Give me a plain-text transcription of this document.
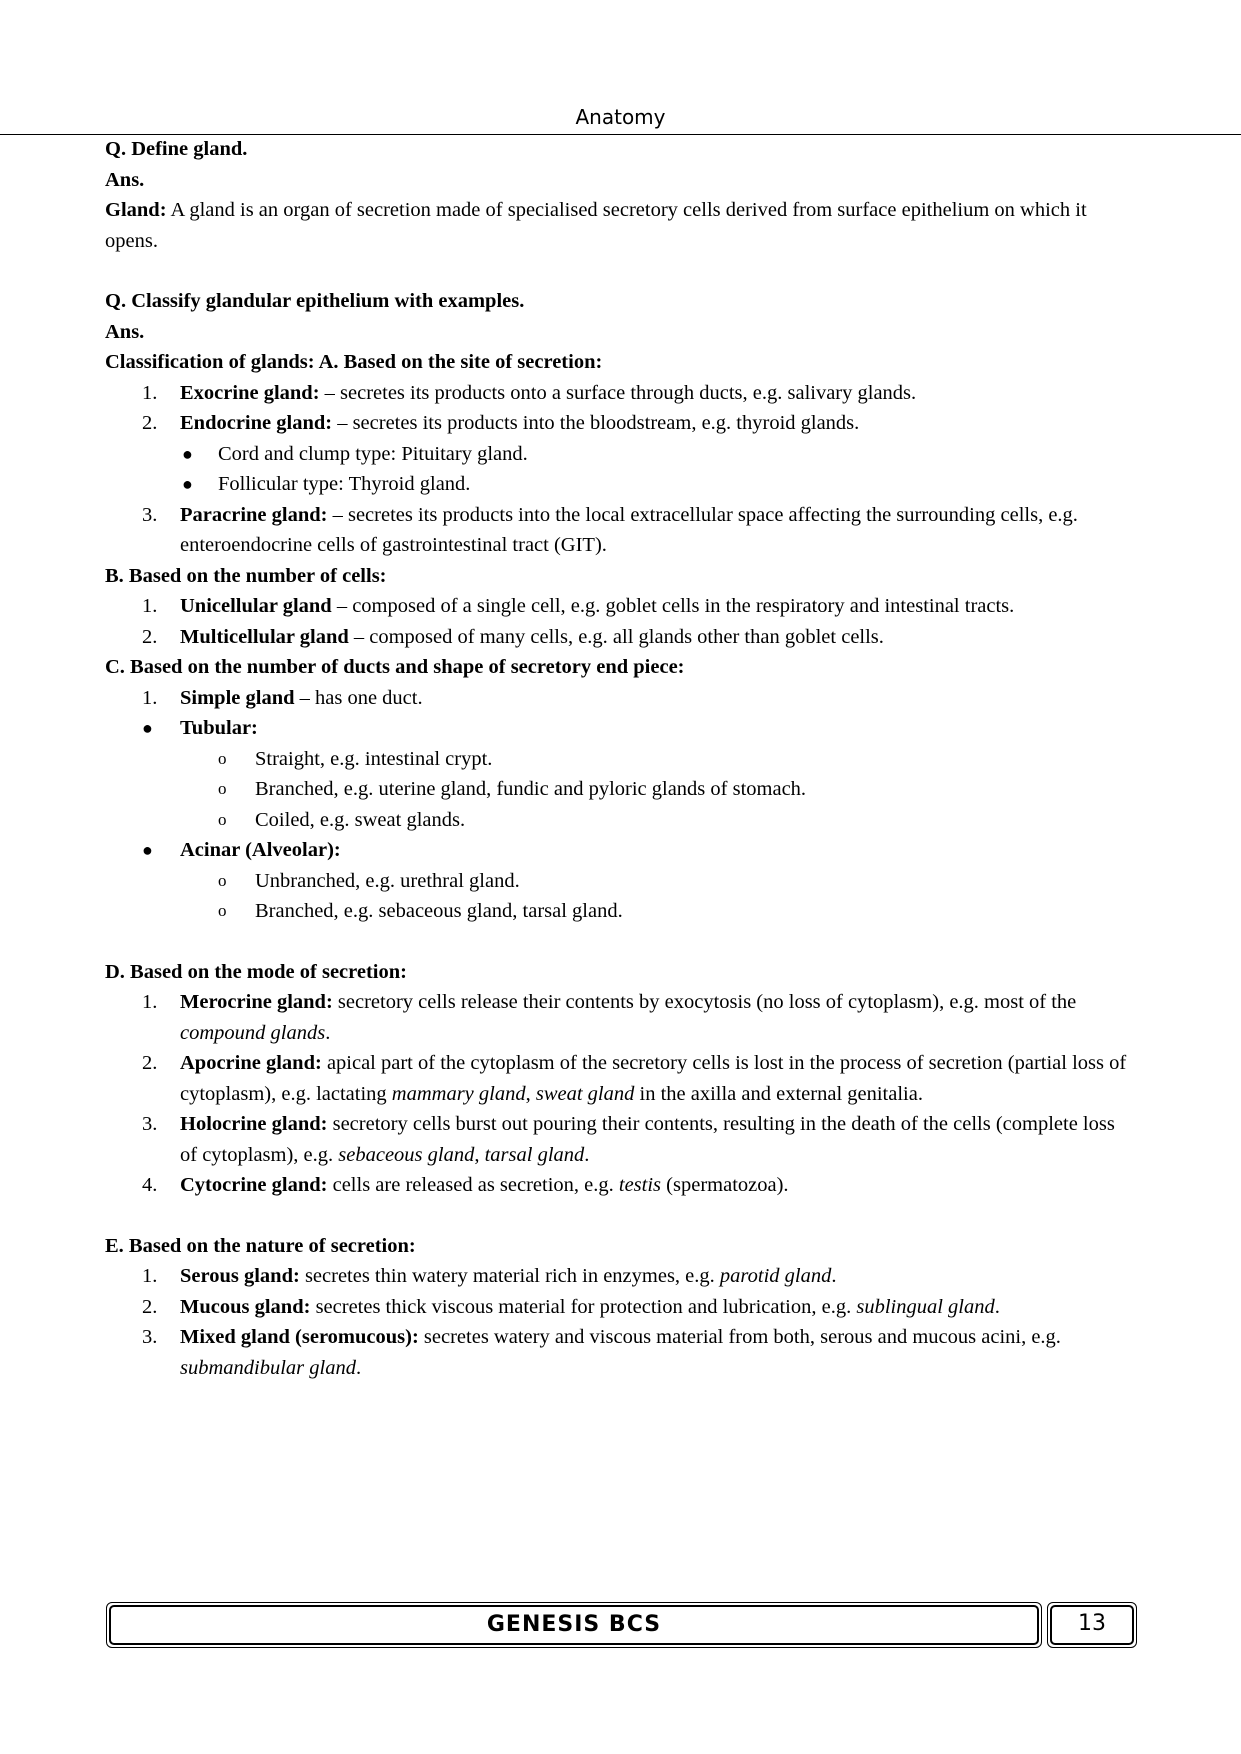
Anatomy

Q. Define gland.

Ans.

Gland: A gland is an organ of secretion made of specialised secretory cells derived from surface epithelium on which it opens.

Q. Classify glandular epithelium with examples.

Ans.

Classification of glands: A. Based on the site of secretion:

1. Exocrine gland: – secretes its products onto a surface through ducts, e.g. salivary glands.
2. Endocrine gland: – secretes its products into the bloodstream, e.g. thyroid glands.
● Cord and clump type: Pituitary gland.
● Follicular type: Thyroid gland.
3. Paracrine gland: – secretes its products into the local extracellular space affecting the surrounding cells, e.g. enteroendocrine cells of gastrointestinal tract (GIT).

B. Based on the number of cells:

1. Unicellular gland – composed of a single cell, e.g. goblet cells in the respiratory and intestinal tracts.
2. Multicellular gland – composed of many cells, e.g. all glands other than goblet cells.

C. Based on the number of ducts and shape of secretory end piece:

1. Simple gland – has one duct.
● Tubular:
o Straight, e.g. intestinal crypt.
o Branched, e.g. uterine gland, fundic and pyloric glands of stomach.
o Coiled, e.g. sweat glands.
● Acinar (Alveolar):
o Unbranched, e.g. urethral gland.
o Branched, e.g. sebaceous gland, tarsal gland.

D. Based on the mode of secretion:

1. Merocrine gland: secretory cells release their contents by exocytosis (no loss of cytoplasm), e.g. most of the compound glands.
2. Apocrine gland: apical part of the cytoplasm of the secretory cells is lost in the process of secretion (partial loss of cytoplasm), e.g. lactating mammary gland, sweat gland in the axilla and external genitalia.
3. Holocrine gland: secretory cells burst out pouring their contents, resulting in the death of the cells (complete loss of cytoplasm), e.g. sebaceous gland, tarsal gland.
4. Cytocrine gland: cells are released as secretion, e.g. testis (spermatozoa).

E. Based on the nature of secretion:

1. Serous gland: secretes thin watery material rich in enzymes, e.g. parotid gland.
2. Mucous gland: secretes thick viscous material for protection and lubrication, e.g. sublingual gland.
3. Mixed gland (seromucous): secretes watery and viscous material from both, serous and mucous acini, e.g. submandibular gland.
GENESIS BCS	13
